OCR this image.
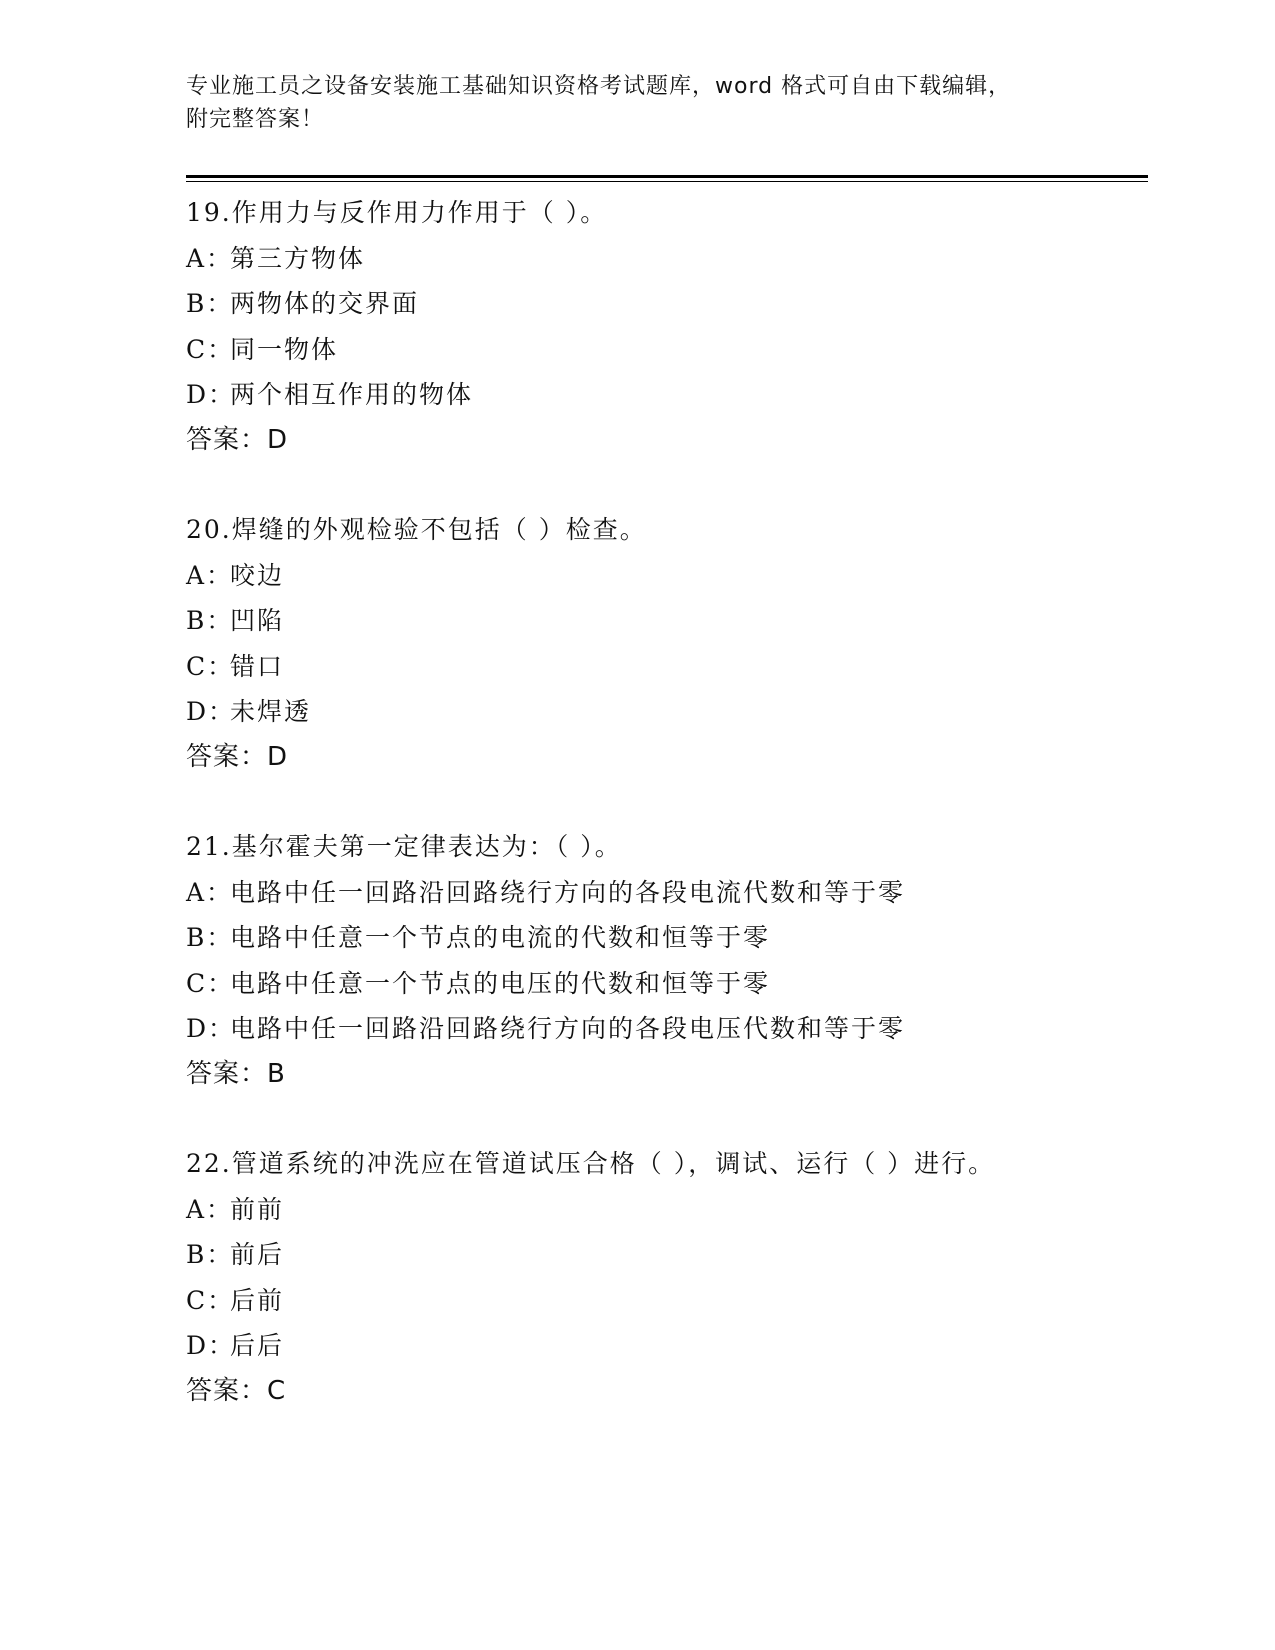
专业施工员之设备安装施工基础知识资格考试题库，word 格式可自由下载编辑，
附完整答案！
19.作用力与反作用力作用于（ ）。
A：第三方物体
B：两物体的交界面
C：同一物体
D：两个相互作用的物体
答案：D
20.焊缝的外观检验不包括（ ）检查。
A：咬边
B：凹陷
C：错口
D：未焊透
答案：D
21.基尔霍夫第一定律表达为：（ ）。
A：电路中任一回路沿回路绕行方向的各段电流代数和等于零
B：电路中任意一个节点的电流的代数和恒等于零
C：电路中任意一个节点的电压的代数和恒等于零
D：电路中任一回路沿回路绕行方向的各段电压代数和等于零
答案：B
22.管道系统的冲洗应在管道试压合格（ ），调试、运行（ ）进行。
A：前前
B：前后
C：后前
D：后后
答案：C
